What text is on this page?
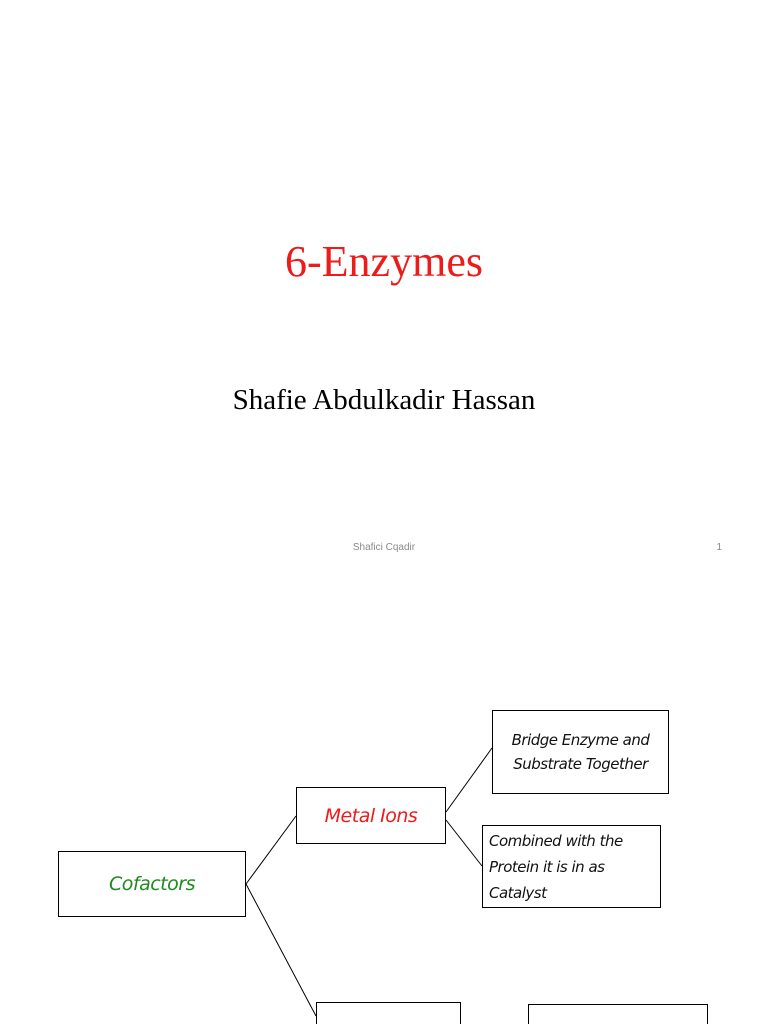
6-Enzymes
Shafie Abdulkadir Hassan
Shafici Cqadir	1
Cofactors
Metal Ions
Bridge Enzyme and
Substrate Together
Combined with the
Protein it is in as Catalyst
